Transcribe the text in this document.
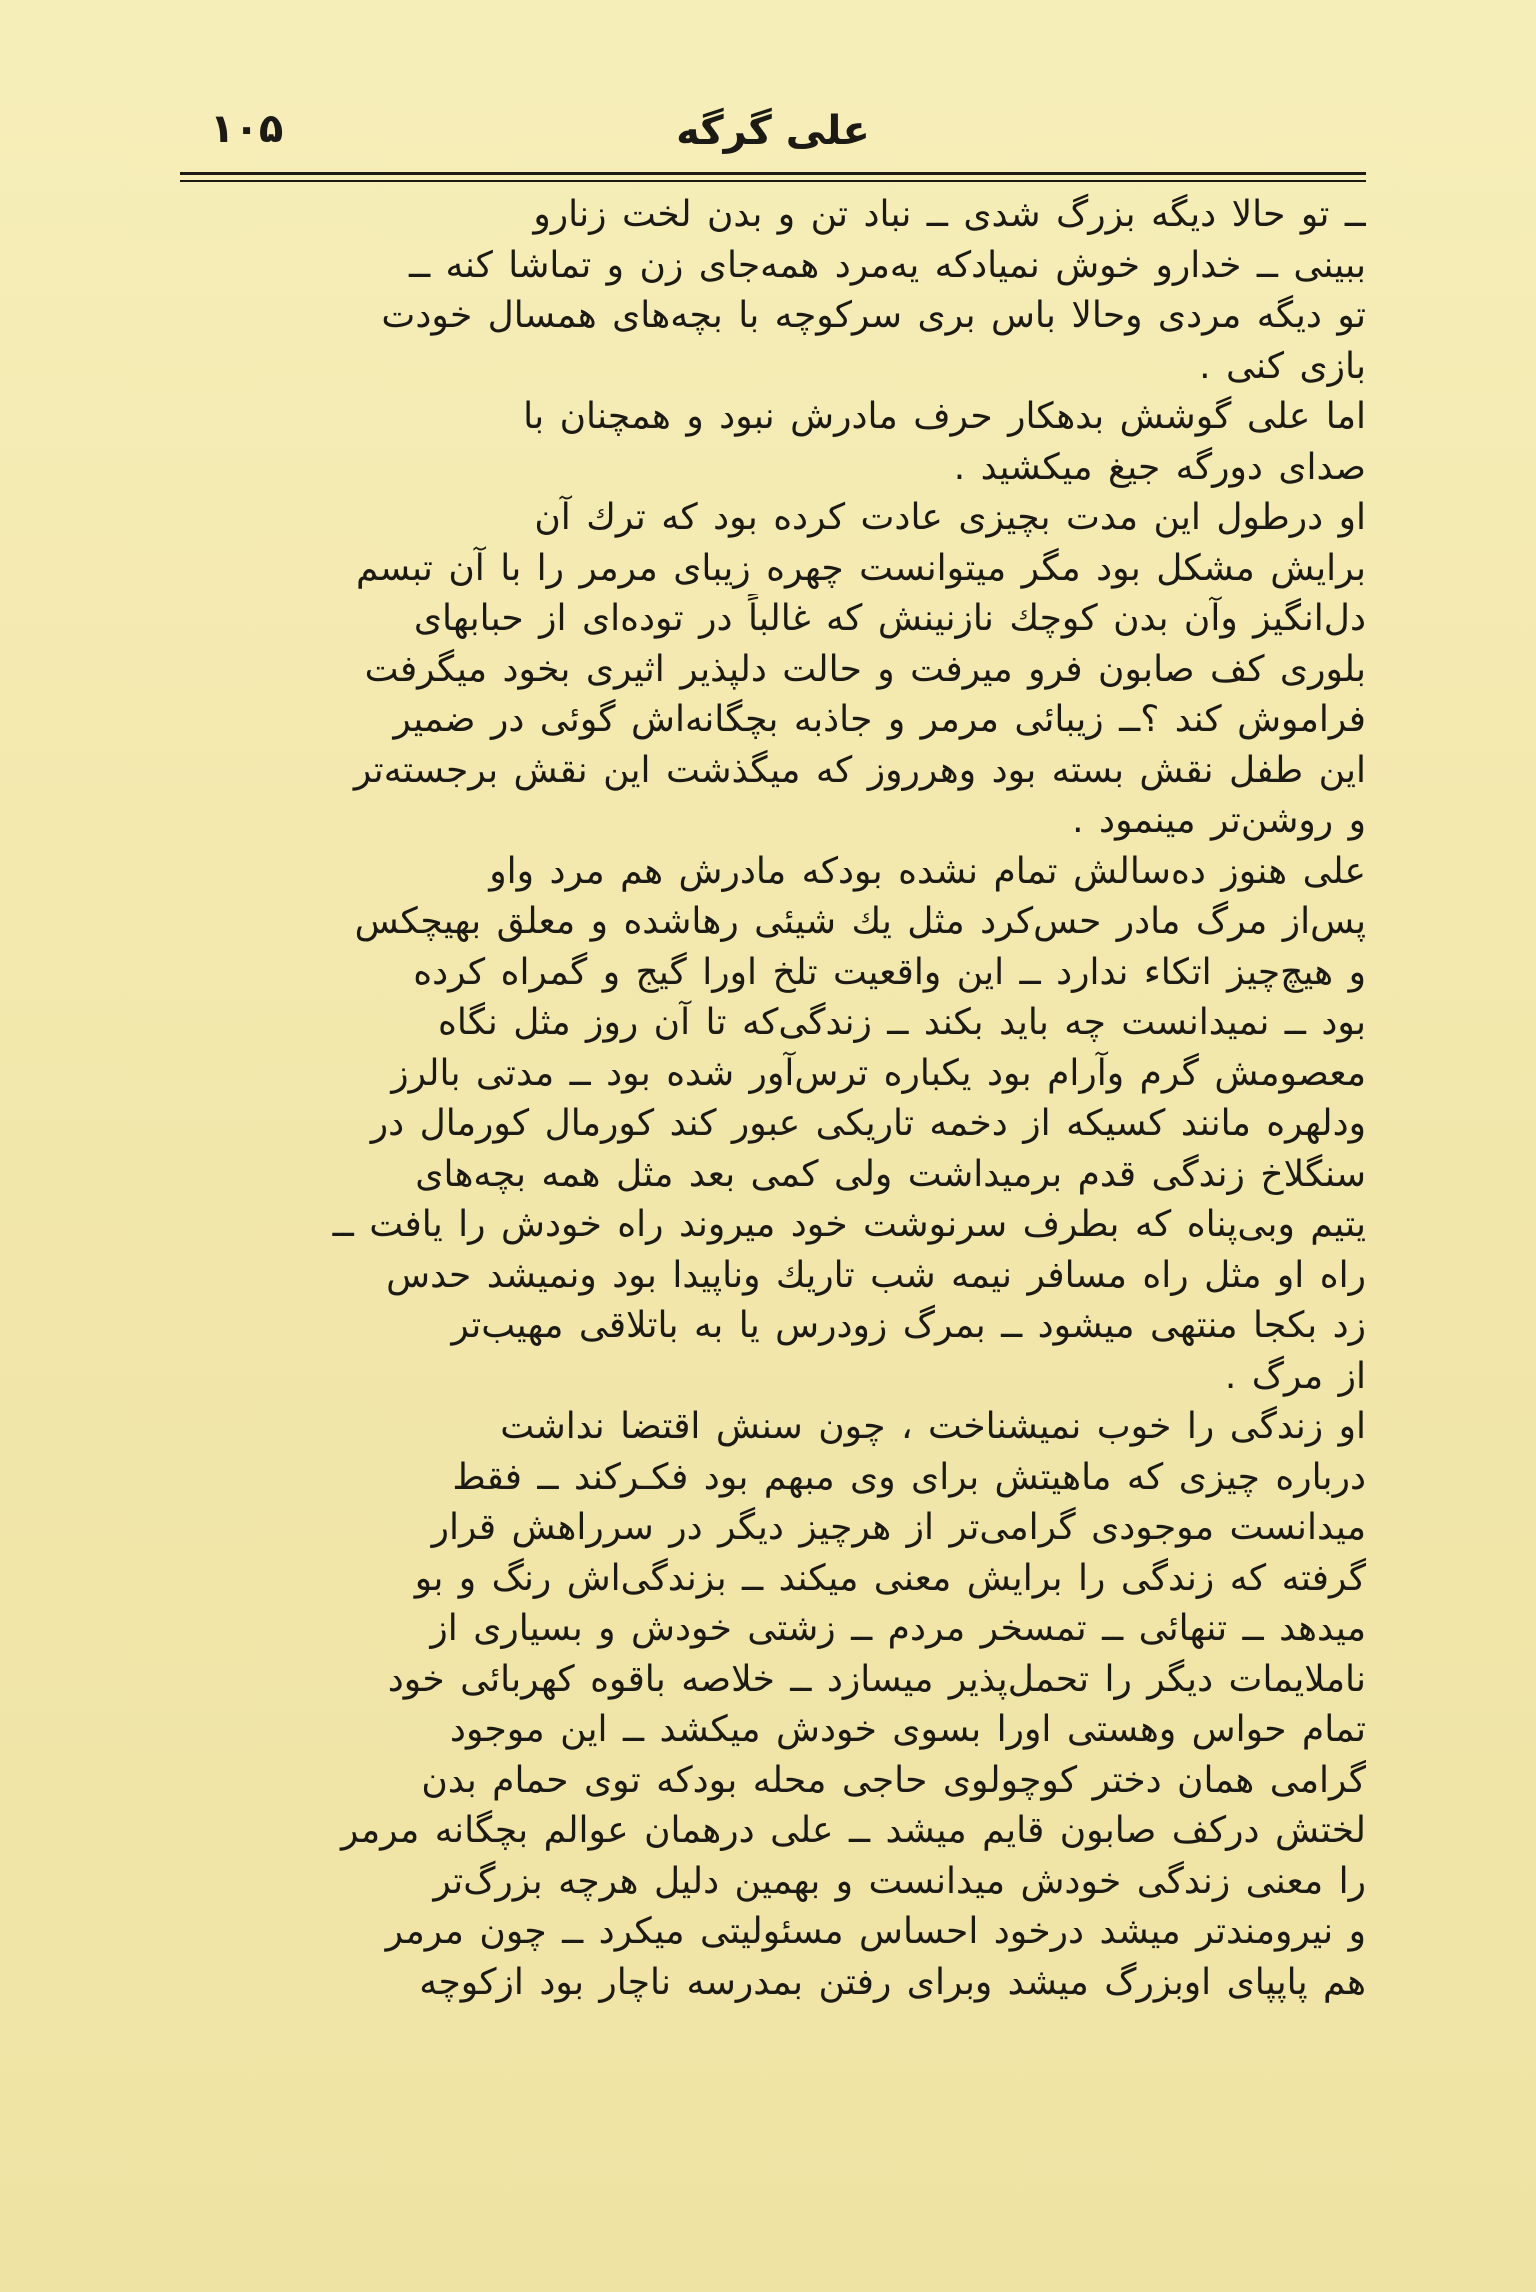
علی گرگه
۱۰۵
ــ تو حالا دیگه بزرگ شدی ــ نباد تن و بدن لخت زنارو
ببینی ــ خدارو خوش نمیادکه یه‌مرد همه‌جای زن و تماشا کنه ــ
تو دیگه مردی وحالا باس بری سرکوچه با بچه‌های همسال خودت
بازی کنی .
اما علی گوشش بدهکار حرف مادرش نبود و همچنان با
صدای دورگه جیغ میکشید .
او درطول این مدت بچیزی عادت کرده بود که ترك آن
برایش مشکل بود مگر میتوانست چهره زیبای مرمر را با آن تبسم
دل‌انگیز وآن بدن کوچك نازنینش که غالباً در توده‌ای از حبابهای
بلوری کف صابون فرو میرفت و حالت دلپذیر اثیری بخود میگرفت
فراموش کند ؟ــ زیبائی مرمر و جاذبه بچگانه‌اش گوئی در ضمیر
این طفل نقش بسته بود وهرروز که میگذشت این نقش برجسته‌تر
و روشن‌تر مینمود .
علی هنوز ده‌سالش تمام نشده بودکه مادرش هم مرد واو
پس‌از مرگ مادر حس‌کرد مثل یك شیئی رهاشده و معلق بهیچکس
و هیچ‌چیز اتکاء ندارد ــ این واقعیت تلخ اورا گیج و گمراه کرده
بود ــ نمیدانست چه باید بکند ــ زندگی‌که تا آن روز مثل نگاه
معصومش گرم وآرام بود یکباره ترس‌آور شده بود ــ مدتی بالرز
ودلهره مانند کسیکه از دخمه تاریکی عبور کند کورمال کورمال در
سنگلاخ زندگی قدم برمیداشت ولی کمی بعد مثل همه بچه‌های
یتیم وبی‌پناه که بطرف سرنوشت خود میروند راه خودش را یافت ــ
راه او مثل راه مسافر نیمه شب تاریك وناپیدا بود ونمیشد حدس
زد بکجا منتهی میشود ــ بمرگ زودرس یا به باتلاقی مهیب‌تر
از مرگ .
او زندگی را خوب نمیشناخت ، چون سنش اقتضا نداشت
درباره چیزی که ماهیتش برای وی مبهم بود فکـرکند ــ فقط
میدانست موجودی گرامی‌تر از هرچیز دیگر در سرراهش قرار
گرفته که زندگی را برایش معنی میکند ــ بزندگی‌اش رنگ و بو
میدهد ــ تنهائی ــ تمسخر مردم ــ زشتی خودش و بسیاری از
ناملایمات دیگر را تحمل‌پذیر میسازد ــ خلاصه باقوه کهربائی خود
تمام حواس وهستی اورا بسوی خودش میکشد ــ این موجود
گرامی همان دختر کوچولوی حاجی محله بودکه توی حمام بدن
لختش درکف صابون قایم میشد ــ علی درهمان عوالم بچگانه مرمر
را معنی زندگی خودش میدانست و بهمین دلیل هرچه بزرگ‌تر
و نیرومندتر میشد درخود احساس مسئولیتی میکرد ــ چون مرمر
هم پاپپای اوبزرگ میشد وبرای رفتن بمدرسه ناچار بود ازکوچه
